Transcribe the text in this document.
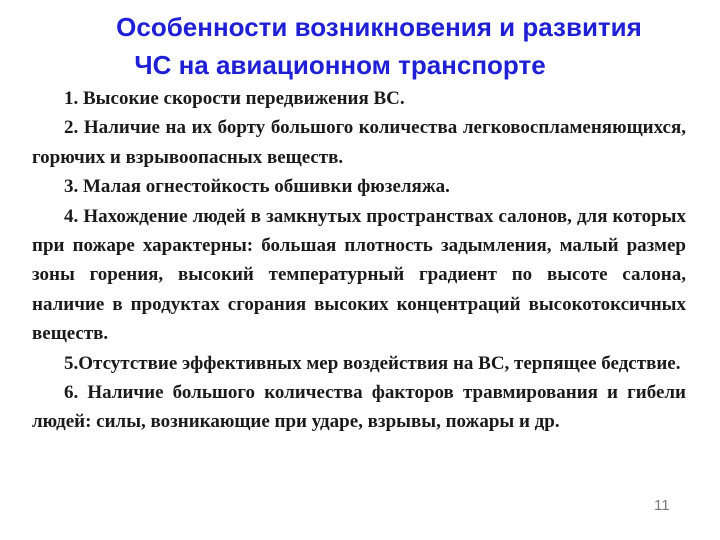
Особенности возникновения и развития
ЧС на авиационном транспорте

1. Высокие скорости передвижения ВС.

2. Наличие на их борту большого количества легковоспламеняющихся, горючих и взрывоопасных веществ.

3. Малая огнестойкость обшивки фюзеляжа.

4. Нахождение людей в замкнутых пространствах салонов, для которых при пожаре характерны: большая плотность задымления, малый размер зоны горения, высокий температурный градиент по высоте салона, наличие в продуктах сгорания высоких концентраций высокотоксичных веществ.

5.Отсутствие эффективных мер воздействия на ВС, терпящее бедствие.

6. Наличие большого количества факторов травмирования и гибели людей: силы, возникающие при ударе, взрывы, пожары и др.

11
